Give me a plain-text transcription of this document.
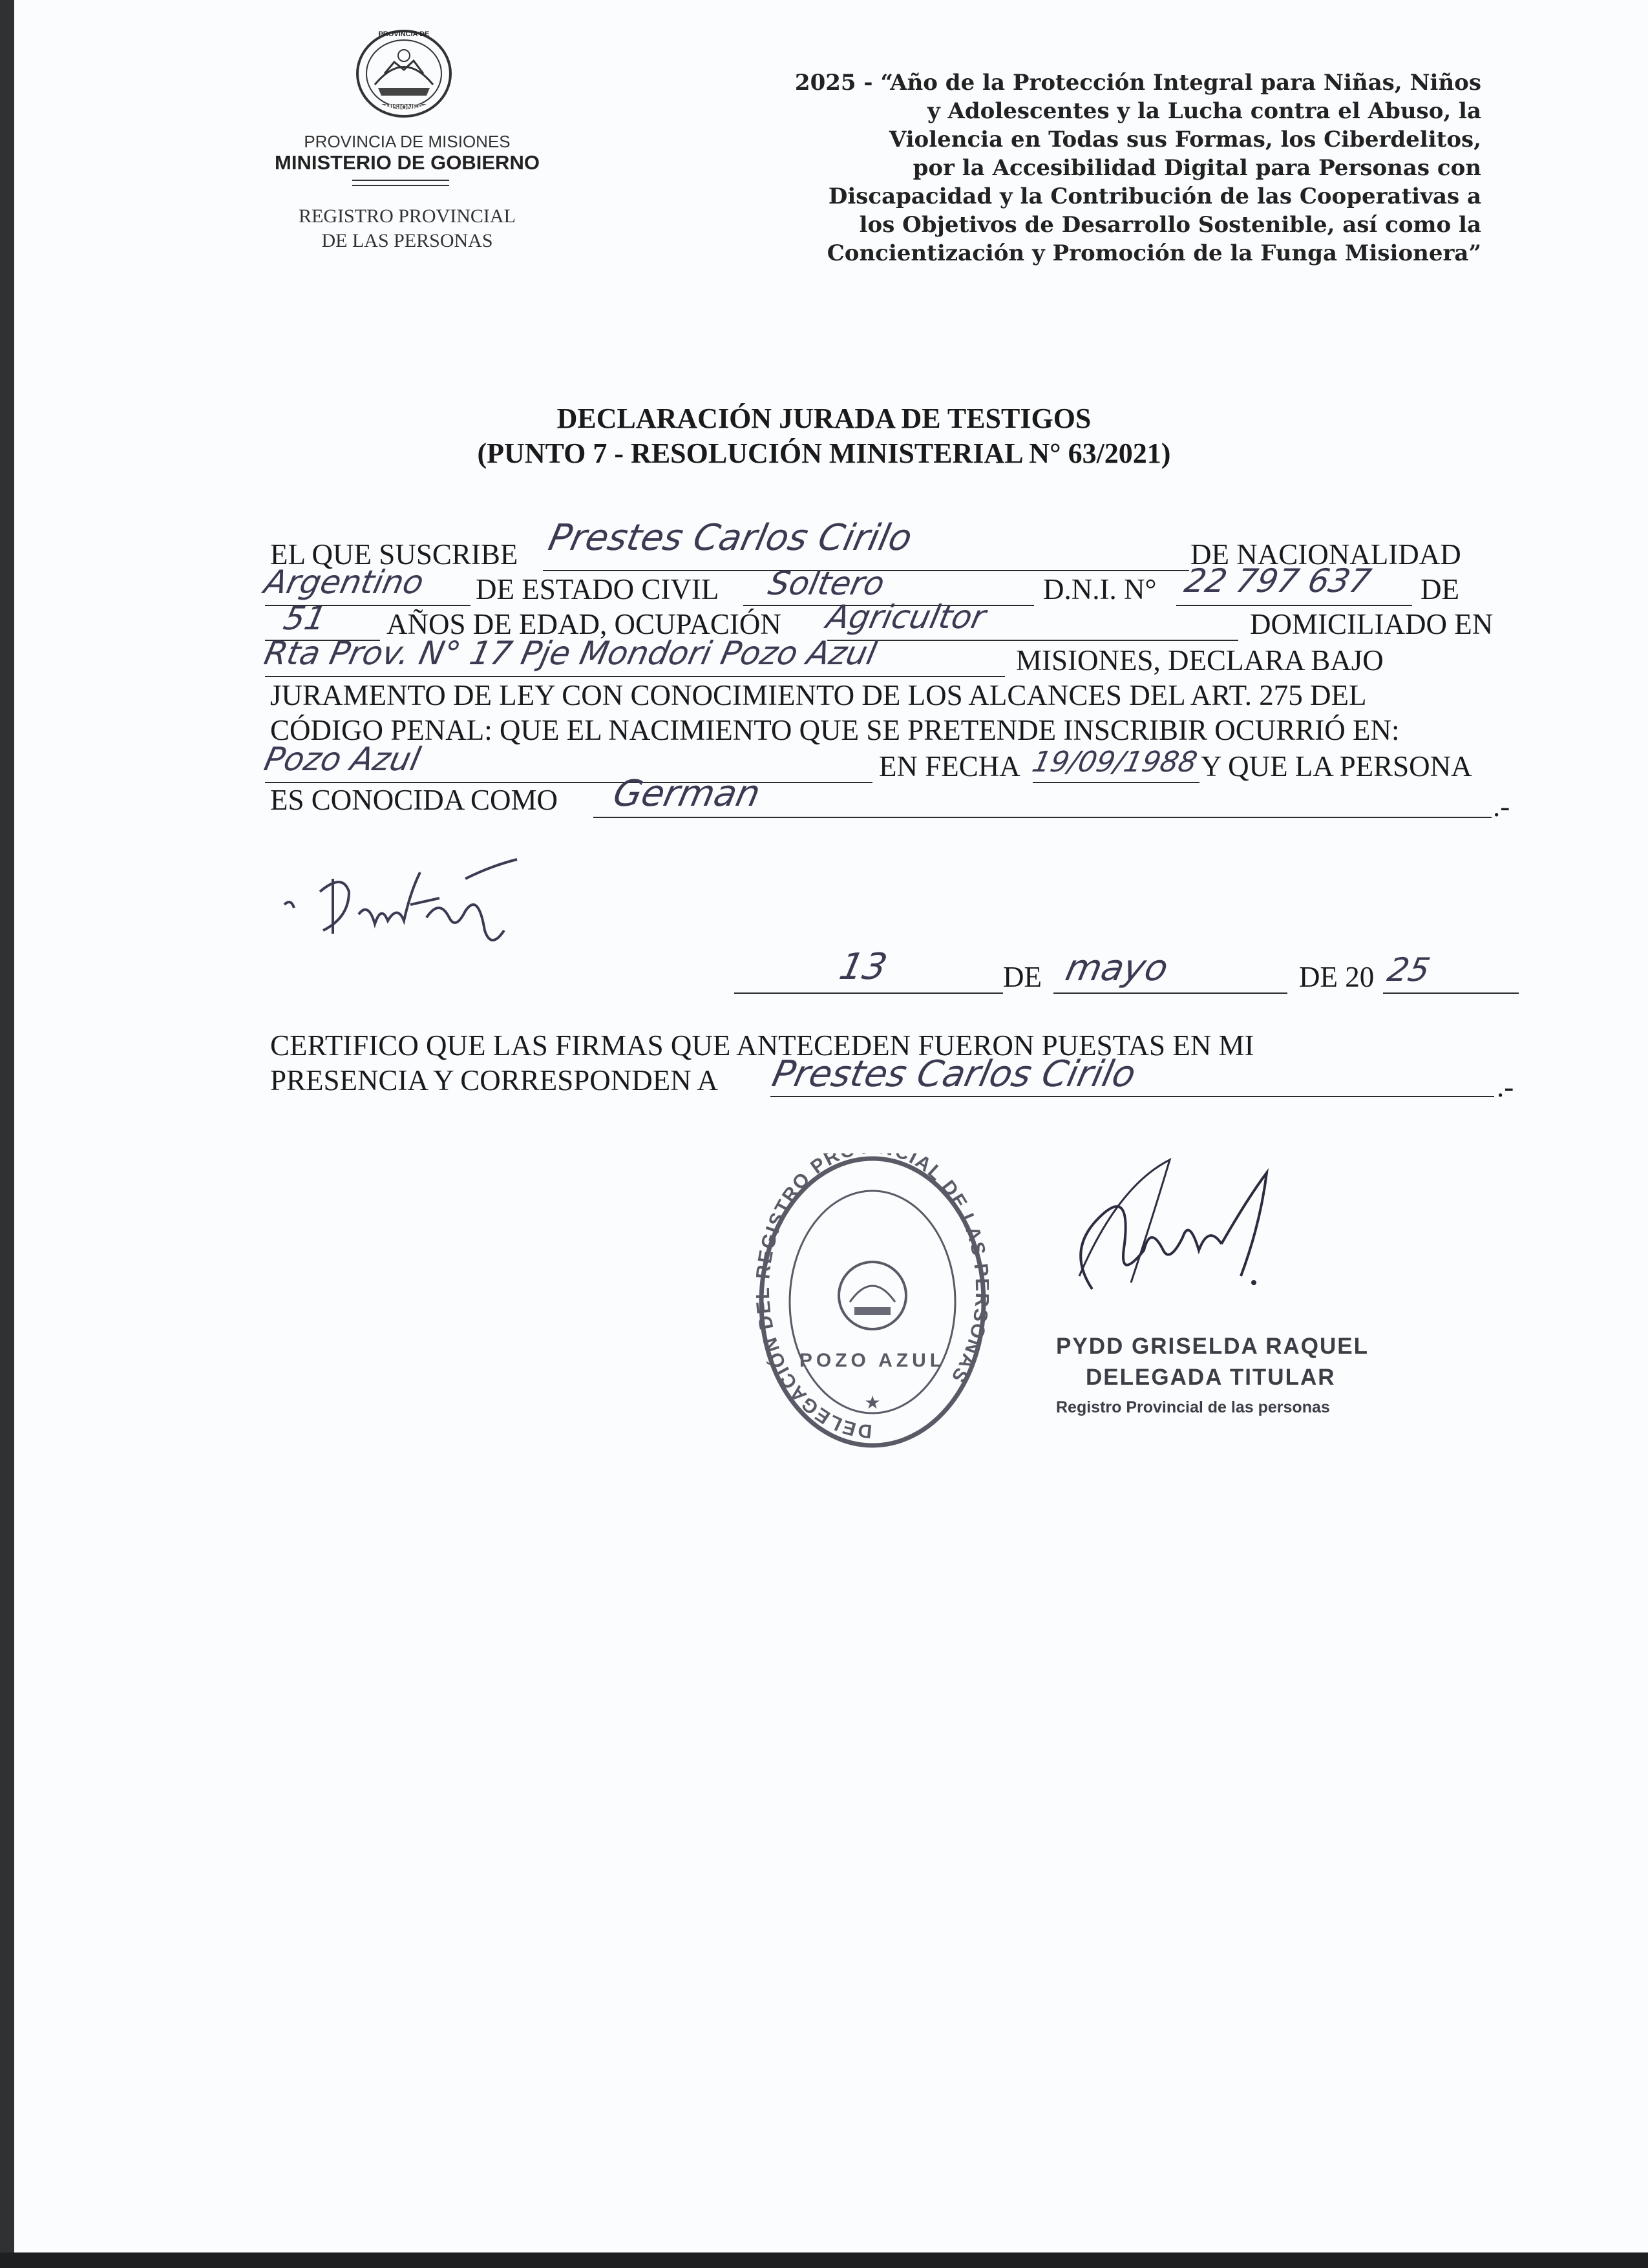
PROVINCIA DE
MISIONES
PROVINCIA DE MISIONES
MINISTERIO DE GOBIERNO
REGISTRO PROVINCIAL
DE LAS PERSONAS
2025 - “Año de la Protección Integral para Niñas, Niños
y Adolescentes y la Lucha contra el Abuso, la
Violencia en Todas sus Formas, los Ciberdelitos,
por la Accesibilidad Digital para Personas con
Discapacidad y la Contribución de las Cooperativas a
los Objetivos de Desarrollo Sostenible, así como la
Concientización y Promoción de la Funga Misionera”
DECLARACIÓN JURADA DE TESTIGOS
(PUNTO 7 - RESOLUCIÓN MINISTERIAL N° 63/2021)
EL QUE SUSCRIBE Prestes Carlos Cirilo	DE NACIONALIDAD
Argentino DE ESTADO CIVIL Soltero	D.N.I. N° 22 797 637 DE
51 AÑOS DE EDAD, OCUPACIÓN Agricultor	DOMICILIADO EN
Rta Prov. N° 17 Pje Mondori Pozo Azul	MISIONES, DECLARA BAJO
JURAMENTO DE LEY CON CONOCIMIENTO DE LOS ALCANCES DEL ART. 275 DEL
CÓDIGO PENAL: QUE EL NACIMIENTO QUE SE PRETENDE INSCRIBIR OCURRIÓ EN:
Pozo Azul	EN FECHA 19/09/1988 Y QUE LA PERSONA
ES CONOCIDA COMO German	.-
13	DE mayo	DE 20 25
CERTIFICO QUE LAS FIRMAS QUE ANTECEDEN FUERON PUESTAS EN MI
PRESENCIA Y CORRESPONDEN A Prestes Carlos Cirilo	.-
DELEGACIÓN D EGISTRO PR IAL DE LAS ONAS
POZO AZUL
★
PYDD GRISELDA RAQUEL
DELEGADA TITULAR
Registro Provincial de las personas
